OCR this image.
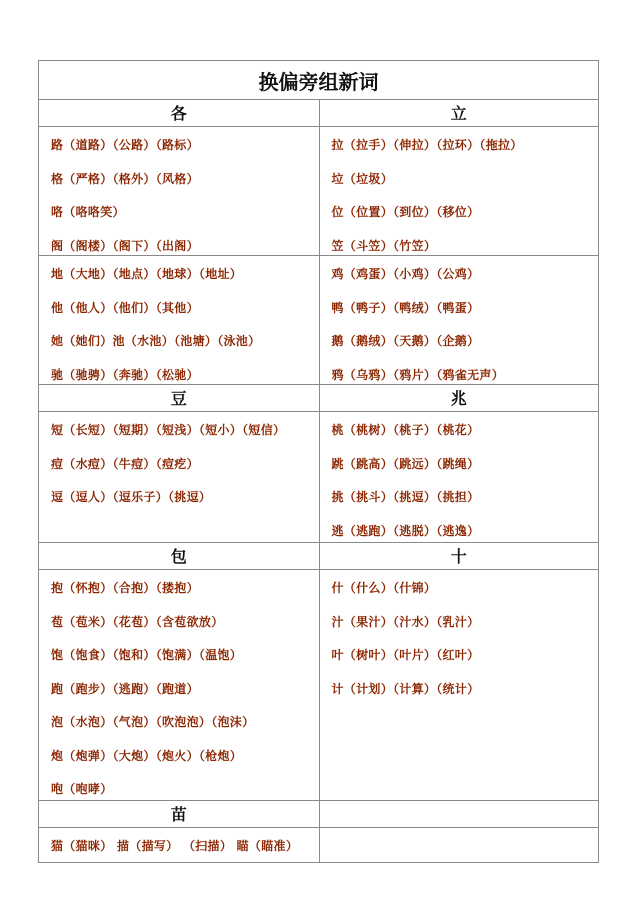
换偏旁组新词
各
路（道路）（公路）（路标）
格（严格）（格外）（风格）
咯（咯咯笑）
阁（阁楼）（阁下）（出阁）
立
拉（拉手）（伸拉）（拉环）（拖拉）
垃（垃圾）
位（位置）（到位）（移位）
笠（斗笠）（竹笠）
地（大地）（地点）（地球）（地址）
他（他人）（他们）（其他）
她（她们）池（水池）（池塘）（泳池）
驰（驰骋）（奔驰）（松驰）
鸡（鸡蛋）（小鸡）（公鸡）
鸭（鸭子）（鸭绒）（鸭蛋）
鹅（鹅绒）（天鹅）（企鹅）
鸦（乌鸦）（鸦片）（鸦雀无声）
豆
短（长短）（短期）（短浅）（短小）（短信）
痘（水痘）（牛痘）（痘疙）
逗（逗人）（逗乐子）（挑逗）
兆
桃（桃树）（桃子）（桃花）
跳（跳高）（跳远）（跳绳）
挑（挑斗）（挑逗）（挑担）
逃（逃跑）（逃脱）（逃逸）
包
抱（怀抱）（合抱）（搂抱）
苞（苞米）（花苞）（含苞欲放）
饱（饱食）（饱和）（饱满）（温饱）
跑（跑步）（逃跑）（跑道）
泡（水泡）（气泡）（吹泡泡）（泡沫）
炮（炮弹）（大炮）（炮火）（枪炮）
咆（咆哮）
十
什（什么）（什锦）
汁（果汁）（汁水）（乳汁）
叶（树叶）（叶片）（红叶）
计（计划）（计算）（统计）
苗
猫（猫咪） 描（描写） （扫描） 瞄（瞄准）
